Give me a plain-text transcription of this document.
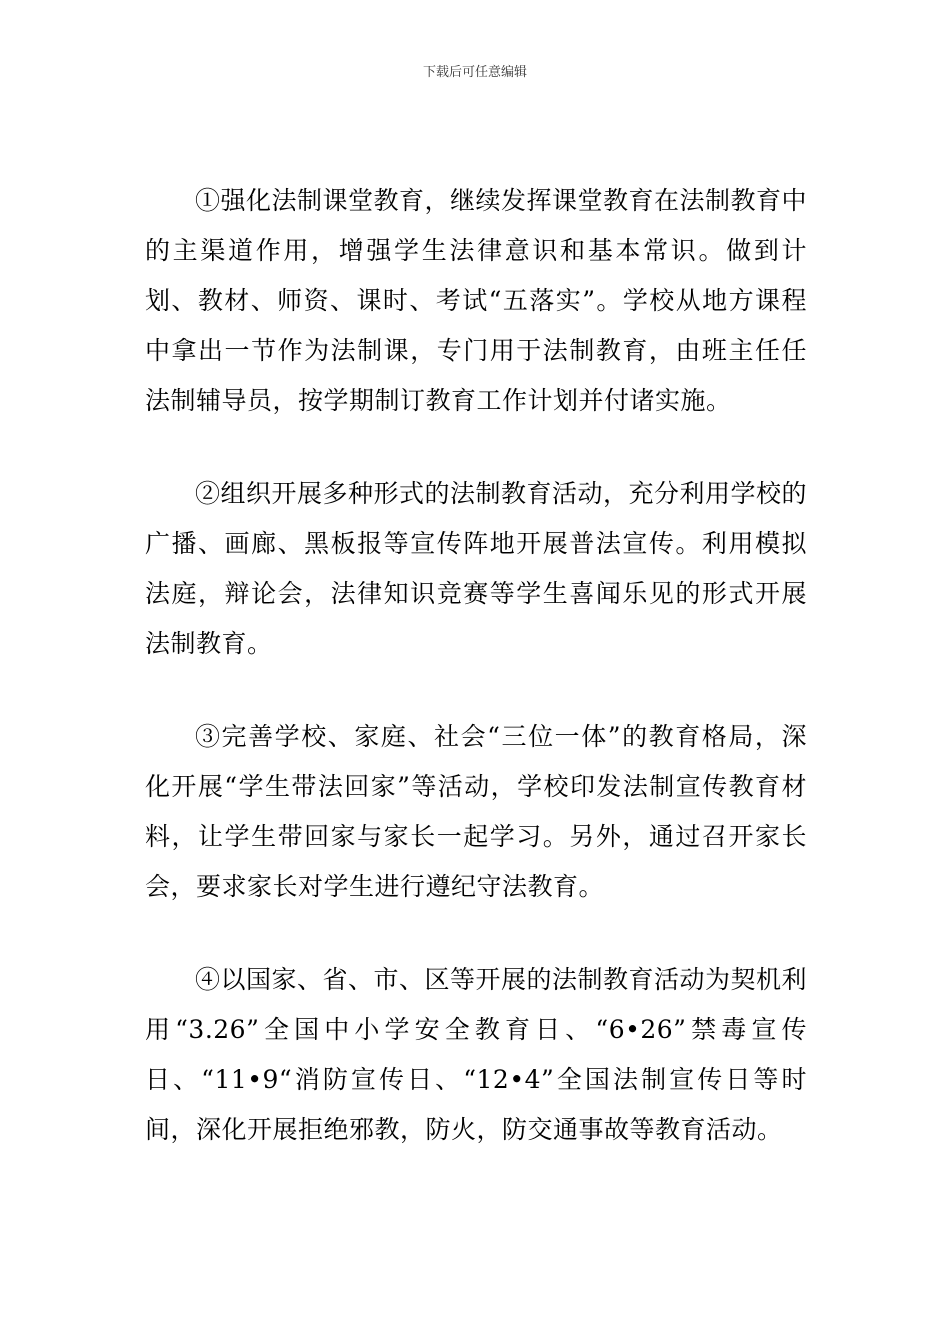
下载后可任意编辑

①强化法制课堂教育，继续发挥课堂教育在法制教育中的主渠道作用，增强学生法律意识和基本常识。做到计划、教材、师资、课时、考试“五落实”。学校从地方课程中拿出一节作为法制课，专门用于法制教育，由班主任任法制辅导员，按学期制订教育工作计划并付诸实施。

②组织开展多种形式的法制教育活动，充分利用学校的广播、画廊、黑板报等宣传阵地开展普法宣传。利用模拟法庭，辩论会，法律知识竞赛等学生喜闻乐见的形式开展法制教育。

③完善学校、家庭、社会“三位一体”的教育格局，深化开展“学生带法回家”等活动，学校印发法制宣传教育材料，让学生带回家与家长一起学习。另外，通过召开家长会，要求家长对学生进行遵纪守法教育。

④以国家、省、市、区等开展的法制教育活动为契机利用“3.26”全国中小学安全教育日、“6•26”禁毒宣传日、“11•9“消防宣传日、“12•4”全国法制宣传日等时间，深化开展拒绝邪教，防火，防交通事故等教育活动。
